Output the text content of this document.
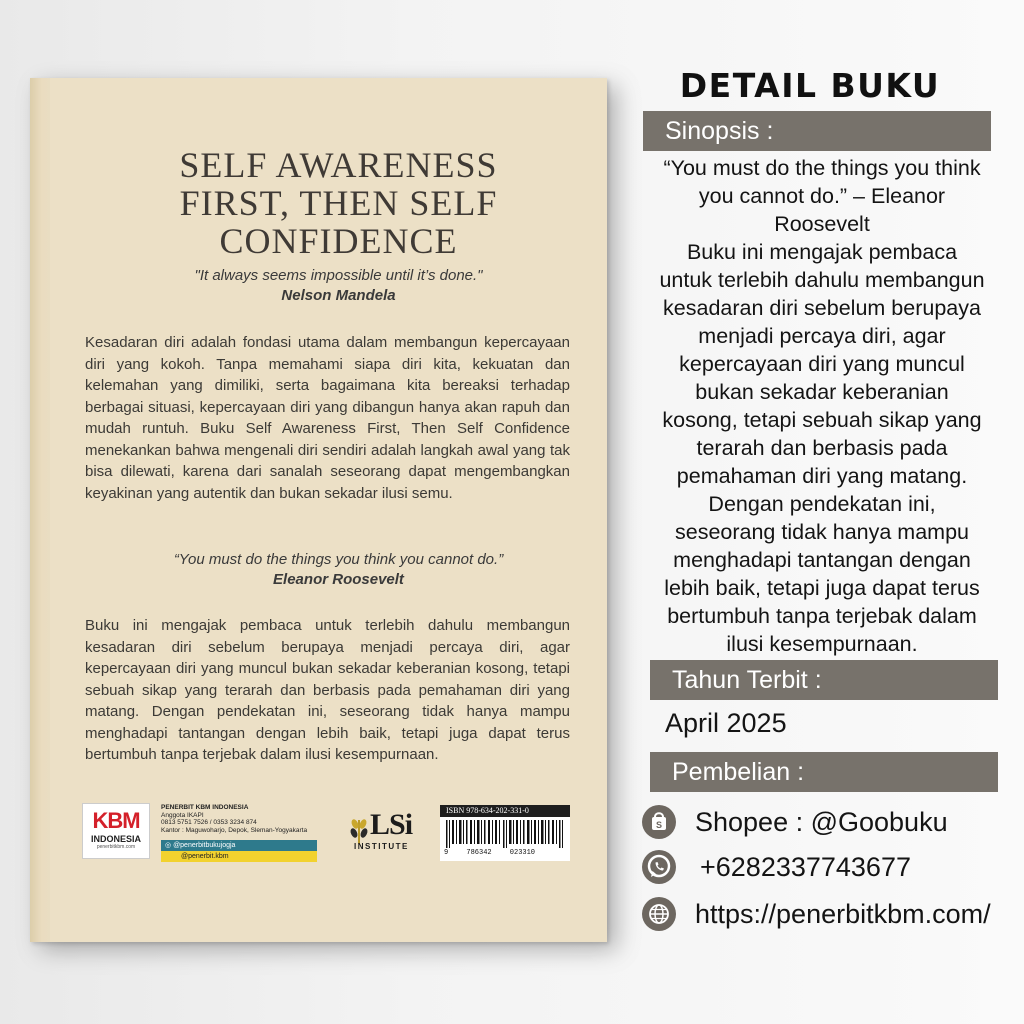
SELF AWARENESS
FIRST, THEN SELF
CONFIDENCE
"It always seems impossible until it’s done."
Nelson Mandela
Kesadaran diri adalah fondasi utama dalam membangun kepercayaan diri yang kokoh. Tanpa memahami siapa diri kita, kekuatan dan kelemahan yang dimiliki, serta bagaimana kita bereaksi terhadap berbagai situasi, kepercayaan diri yang dibangun hanya akan rapuh dan mudah runtuh. Buku Self Awareness First, Then Self Confidence menekankan bahwa mengenali diri sendiri adalah langkah awal yang tak bisa dilewati, karena dari sanalah seseorang dapat mengembangkan keyakinan yang autentik dan bukan sekadar ilusi semu.
“You must do the things you think you cannot do.”
Eleanor Roosevelt
Buku ini mengajak pembaca untuk terlebih dahulu membangun kesadaran diri sebelum berupaya menjadi percaya diri, agar kepercayaan diri yang muncul bukan sekadar keberanian kosong, tetapi sebuah sikap yang terarah dan berbasis pada pemahaman diri yang matang. Dengan pendekatan ini, seseorang tidak hanya mampu menghadapi tantangan dengan lebih baik, tetapi juga dapat terus bertumbuh tanpa terjebak dalam ilusi kesempurnaan.
KBM
INDONESIA
penerbitkbm.com
PENERBIT KBM INDONESIA
Anggota IKAPI
0813 5751 7526 / 0353 3234 874
Kantor : Maguwoharjo, Depok, Sleman-Yogyakarta
◎ @penerbitbukujogja
@penerbit.kbm
LSi
INSTITUTE
ISBN 978-634-202-331-0
9 786342 023310
DETAIL BUKU
Sinopsis :
“You must do the things you think
you cannot do.” – Eleanor
Roosevelt
Buku ini mengajak pembaca
untuk terlebih dahulu membangun
kesadaran diri sebelum berupaya
menjadi percaya diri, agar
kepercayaan diri yang muncul
bukan sekadar keberanian
kosong, tetapi sebuah sikap yang
terarah dan berbasis pada
pemahaman diri yang matang.
Dengan pendekatan ini,
seseorang tidak hanya mampu
menghadapi tantangan dengan
lebih baik, tetapi juga dapat terus
bertumbuh tanpa terjebak dalam
ilusi kesempurnaan.
Tahun Terbit :
April 2025
Pembelian :
S Shopee : @Goobuku
+6282337743677
https://penerbitkbm.com/
